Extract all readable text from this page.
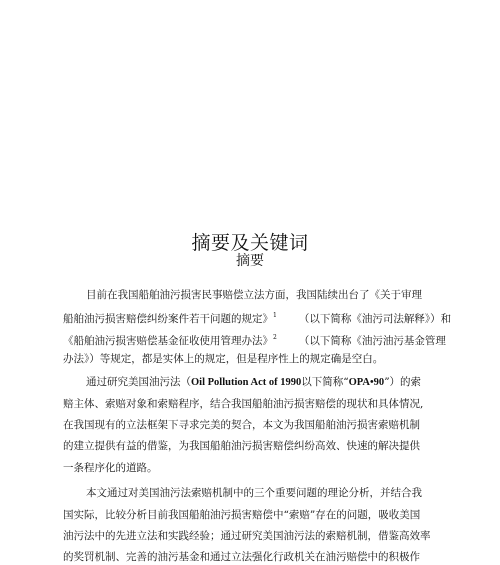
摘要及关键词
摘要
目前在我国船舶油污损害民事赔偿立法方面，我国陆续出台了《关于审理
船舶油污损害赔偿纠纷案件若干问题的规定》$^1$ （以下简称《油污司法解释》）和
《船舶油污损害赔偿基金征收使用管理办法》$^2$ （以下简称《油污油污基金管理
办法》）等规定，都是实体上的规定，但是程序性上的规定确是空白。
通过研究美国油污法（Oil Pollution Act of 1990以下简称“OPA•90”）的索
赔主体、索赔对象和索赔程序，结合我国船舶油污损害赔偿的现状和具体情况,
在我国现有的立法框架下寻求完美的契合，本文为我国船舶油污损害索赔机制
的建立提供有益的借鉴，为我国船舶油污损害赔偿纠纷高效、快速的解决提供
一条程序化的道路。
本文通过对美国油污法索赔机制中的三个重要问题的理论分析，并结合我
国实际，比较分析目前我国船舶油污损害赔偿中“索赔”存在的问题，吸收美国
油污法中的先进立法和实践经验；通过研究美国油污法的索赔机制，借鉴高效率
的奖罚机制、完善的油污基金和通过立法强化行政机关在油污赔偿中的积极作
